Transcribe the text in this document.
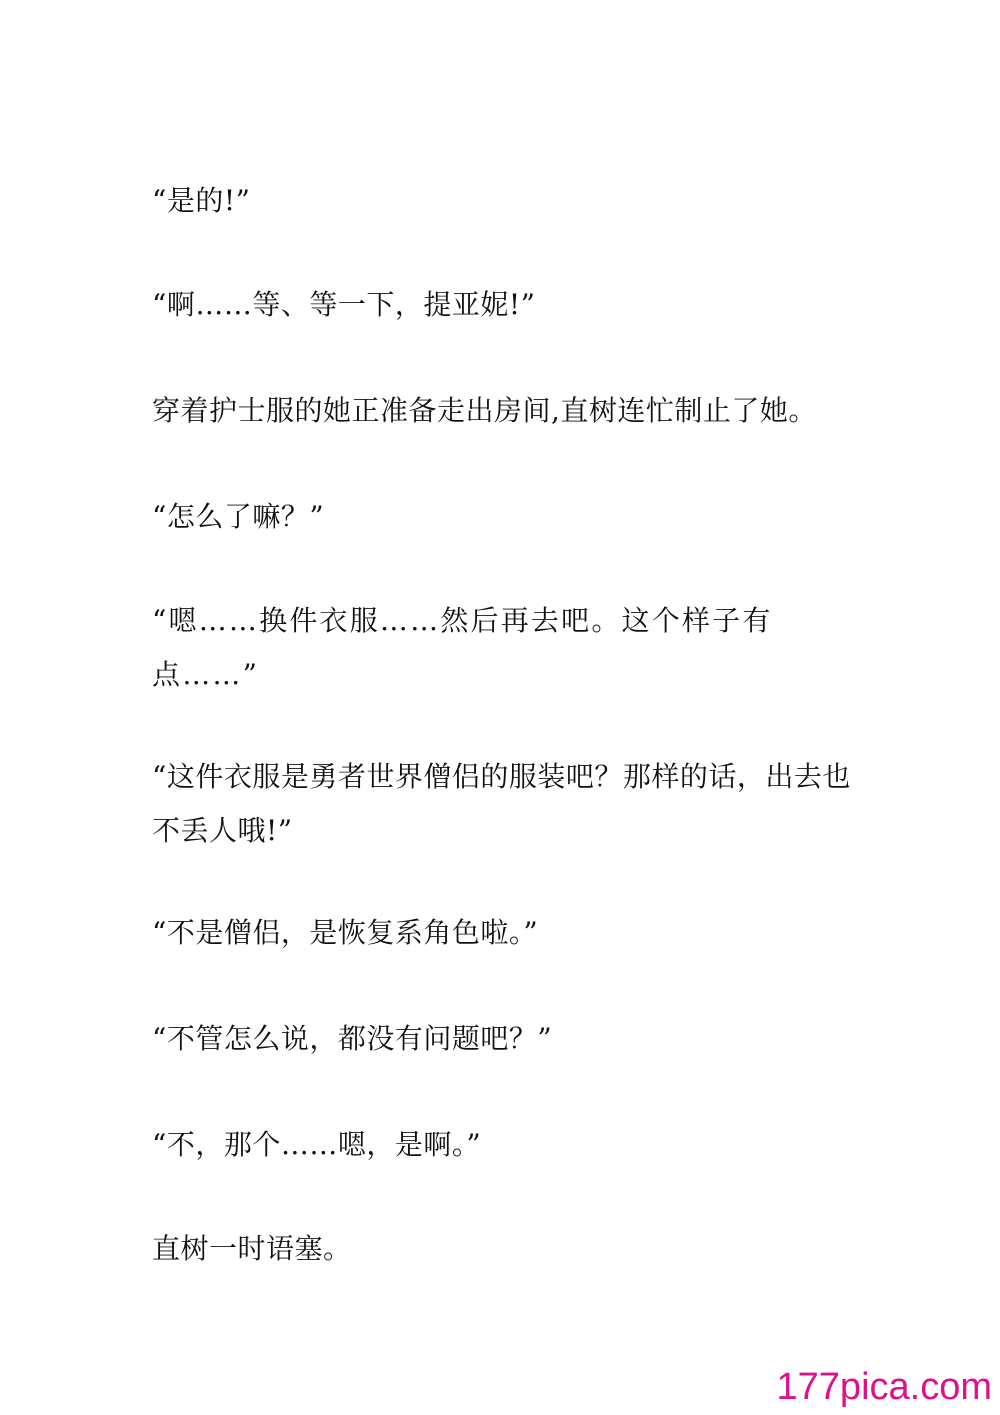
“是的!”

“啊……等、等一下，提亚妮!”

穿着护士服的她正准备走出房间,直树连忙制止了她。

“怎么了嘛？”

“嗯……换件衣服……然后再去吧。这个样子有点……”

“这件衣服是勇者世界僧侣的服装吧？那样的话，出去也不丢人哦!”

“不是僧侣，是恢复系角色啦。”

“不管怎么说，都没有问题吧？”

“不，那个……嗯，是啊。”

直树一时语塞。

177pica.com
